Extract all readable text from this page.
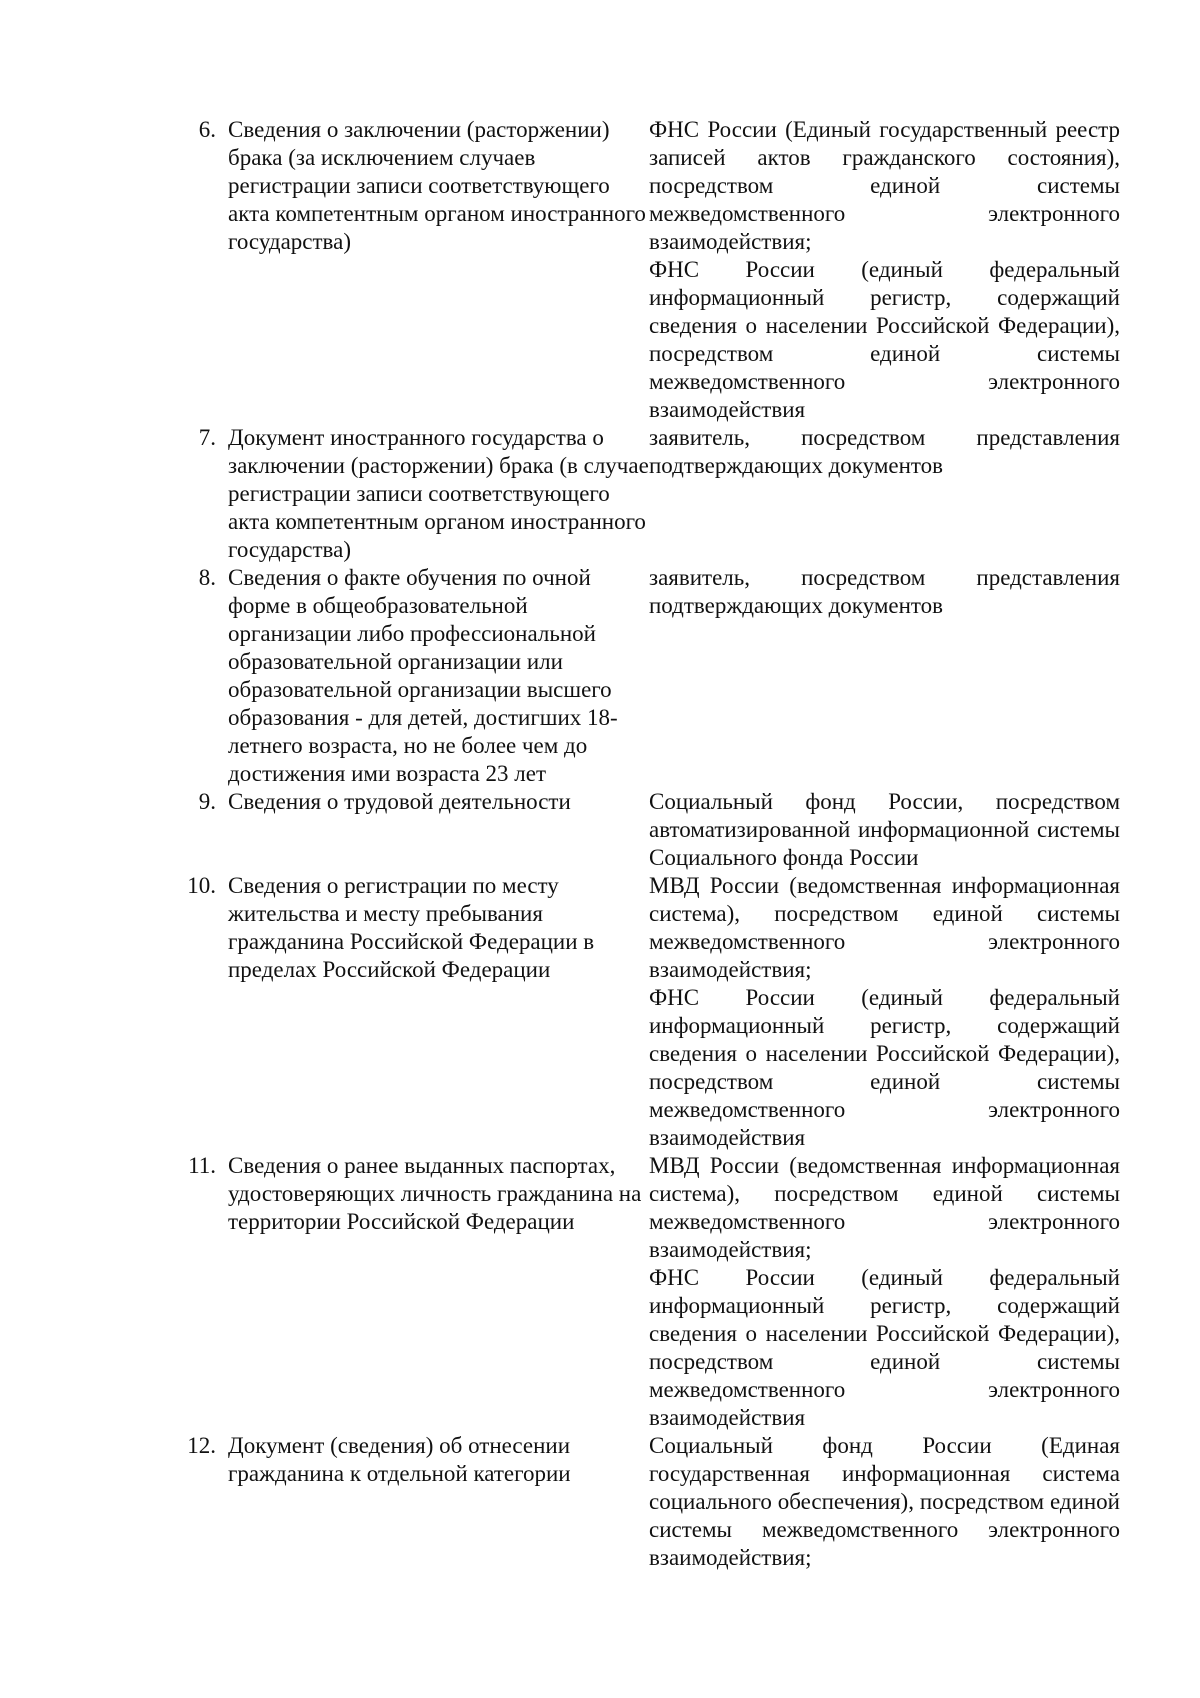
6. Сведения о заключении (расторжении) брака (за исключением случаев регистрации записи соответствующего акта компетентным органом иностранного государства)

ФНС России (Единый государственный реестр записей актов гражданского состояния), посредством единой системы межведомственного электронного взаимодействия;

ФНС России (единый федеральный информационный регистр, содержащий сведения о населении Российской Федерации), посредством единой системы межведомственного электронного взаимодействия

7. Документ иностранного государства о заключении (расторжении) брака (в случае регистрации записи соответствующего акта компетентным органом иностранного государства)

заявитель, посредством представления подтверждающих документов

8. Сведения о факте обучения по очной форме в общеобразовательной организации либо профессиональной образовательной организации или образовательной организации высшего образования - для детей, достигших 18-летнего возраста, но не более чем до достижения ими возраста 23 лет

заявитель, посредством представления подтверждающих документов

9. Сведения о трудовой деятельности	Социальный фонд России, посредством автоматизированной информационной системы Социального фонда России

10. Сведения о регистрации по месту жительства и месту пребывания гражданина Российской Федерации в пределах Российской Федерации

МВД России (ведомственная информационная система), посредством единой системы межведомственного электронного взаимодействия;

ФНС России (единый федеральный информационный регистр, содержащий сведения о населении Российской Федерации), посредством единой системы межведомственного электронного взаимодействия

11. Сведения о ранее выданных паспортах, удостоверяющих личность гражданина на территории Российской Федерации

МВД России (ведомственная информационная система), посредством единой системы межведомственного электронного взаимодействия;

ФНС России (единый федеральный информационный регистр, содержащий сведения о населении Российской Федерации), посредством единой системы межведомственного электронного взаимодействия

12. Документ (сведения) об отнесении гражданина к отдельной категории

Социальный фонд России (Единая государственная информационная система социального обеспечения), посредством единой системы межведомственного электронного взаимодействия;
